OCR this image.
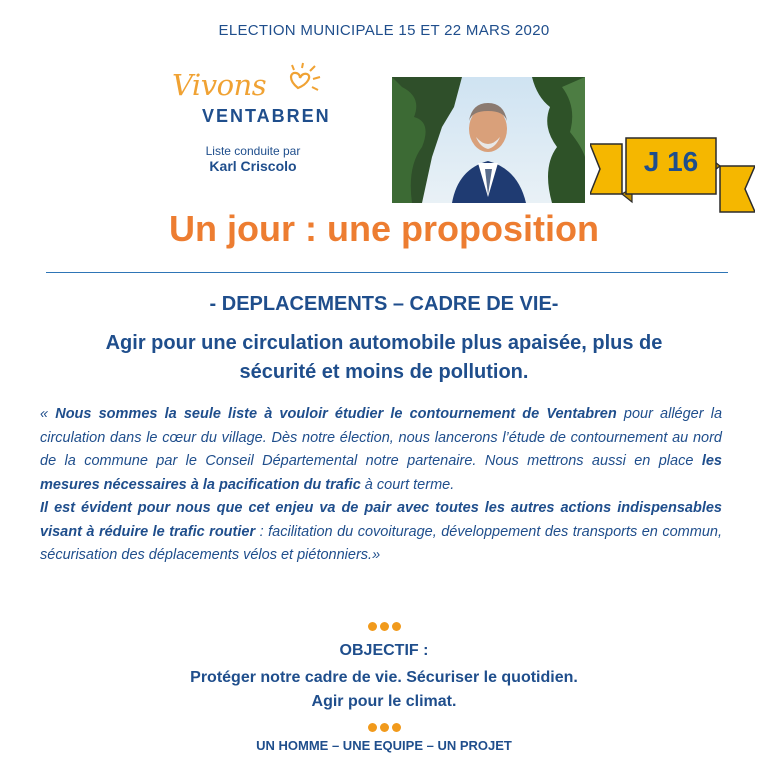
ELECTION MUNICIPALE 15 ET 22 MARS 2020
Vivons
VENTABREN
Liste conduite par
Karl Criscolo	J 16
Un jour : une proposition
- DEPLACEMENTS – CADRE DE VIE-
Agir pour une circulation automobile plus apaisée, plus de sécurité et moins de pollution.

« Nous sommes la seule liste à vouloir étudier le contournement de Ventabren pour alléger la circulation dans le cœur du village. Dès notre élection, nous lancerons l’étude de contournement au nord de la commune par le Conseil Départemental notre partenaire. Nous mettrons aussi en place les mesures nécessaires à la pacification du trafic à court terme.

Il est évident pour nous que cet enjeu va de pair avec toutes les autres actions indispensables visant à réduire le trafic routier : facilitation du covoiturage, développement des transports en commun, sécurisation des déplacements vélos et piétonniers.»

OBJECTIF :
Protéger notre cadre de vie. Sécuriser le quotidien.
Agir pour le climat.
UN HOMME – UNE EQUIPE – UN PROJET
